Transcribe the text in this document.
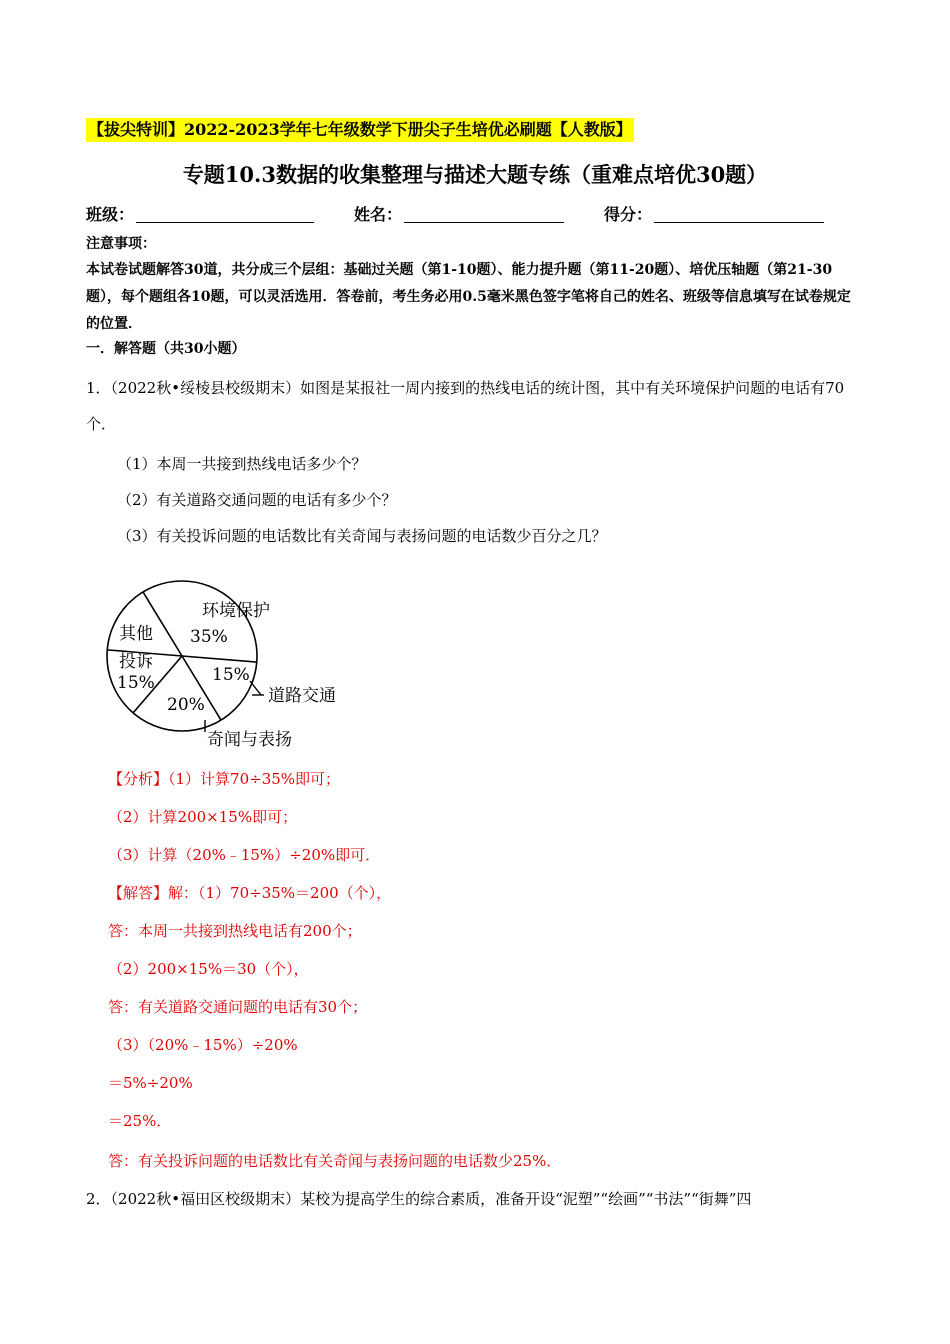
【拔尖特训】2022-2023学年七年级数学下册尖子生培优必刷题【人教版】
专题10.3数据的收集整理与描述大题专练（重难点培优30题）
班级：	姓名：	得分：
注意事项：
本试卷试题解答30道，共分成三个层组：基础过关题（第1-10题）、能力提升题（第11-20题）、培优压轴题（第21-30题），每个题组各10题，可以灵活选用．答卷前，考生务必用0.5毫米黑色签字笔将自己的姓名、班级等信息填写在试卷规定的位置．
一．解答题（共30小题）
1．（2022秋•绥棱县校级期末）如图是某报社一周内接到的热线电话的统计图，其中有关环境保护问题的电话有70个．
（1）本周一共接到热线电话多少个？
（2）有关道路交通问题的电话有多少个？
（3）有关投诉问题的电话数比有关奇闻与表扬问题的电话数少百分之几？
环境保护
35%
其他
投诉
15%	15%
20%	道路交通
奇闻与表扬
【分析】（1）计算70÷35%即可；
（2）计算200×15%即可；
（3）计算（20%﹣15%）÷20%即可．
【解答】解：（1）70÷35%＝200（个），
答：本周一共接到热线电话有200个；
（2）200×15%＝30（个），
答：有关道路交通问题的电话有30个；
（3）（20%﹣15%）÷20%
＝5%÷20%
＝25%．
答：有关投诉问题的电话数比有关奇闻与表扬问题的电话数少25%．
2．（2022秋•福田区校级期末）某校为提高学生的综合素质，准备开设“泥塑”“绘画”“书法”“街舞”四
